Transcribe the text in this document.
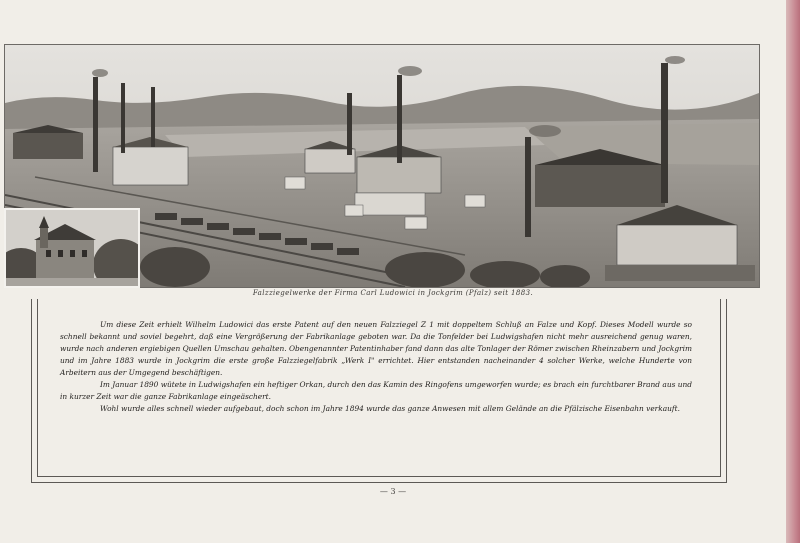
Falzziegelwerke der Firma Carl Ludowici in Jockgrim (Pfalz) seit 1883.

Um diese Zeit erhielt Wilhelm Ludowici das erste Patent auf den neuen Falzziegel Z 1 mit doppeltem Schluß an Falze und Kopf. Dieses Modell wurde so schnell bekannt und soviel begehrt, daß eine Vergrößerung der Fabrikanlage geboten war. Da die Tonfelder bei Ludwigshafen nicht mehr ausreichend genug waren, wurde nach anderen ergiebigen Quellen Umschau gehalten. Obengenannter Patentinhaber fand dann das alte Tonlager der Römer zwischen Rheinzabern und Jockgrim und im Jahre 1883 wurde in Jockgrim die erste große Falzziegelfabrik „Werk I" errichtet. Hier entstanden nacheinander 4 solcher Werke, welche Hunderte von Arbeitern aus der Umgegend beschäftigen.

Im Januar 1890 wütete in Ludwigshafen ein heftiger Orkan, durch den das Kamin des Ringofens umgeworfen wurde; es brach ein furchtbarer Brand aus und in kurzer Zeit war die ganze Fabrikanlage eingeäschert.

Wohl wurde alles schnell wieder aufgebaut, doch schon im Jahre 1894 wurde das ganze Anwesen mit allem Gelände an die Pfälzische Eisenbahn verkauft.

— 3 —
